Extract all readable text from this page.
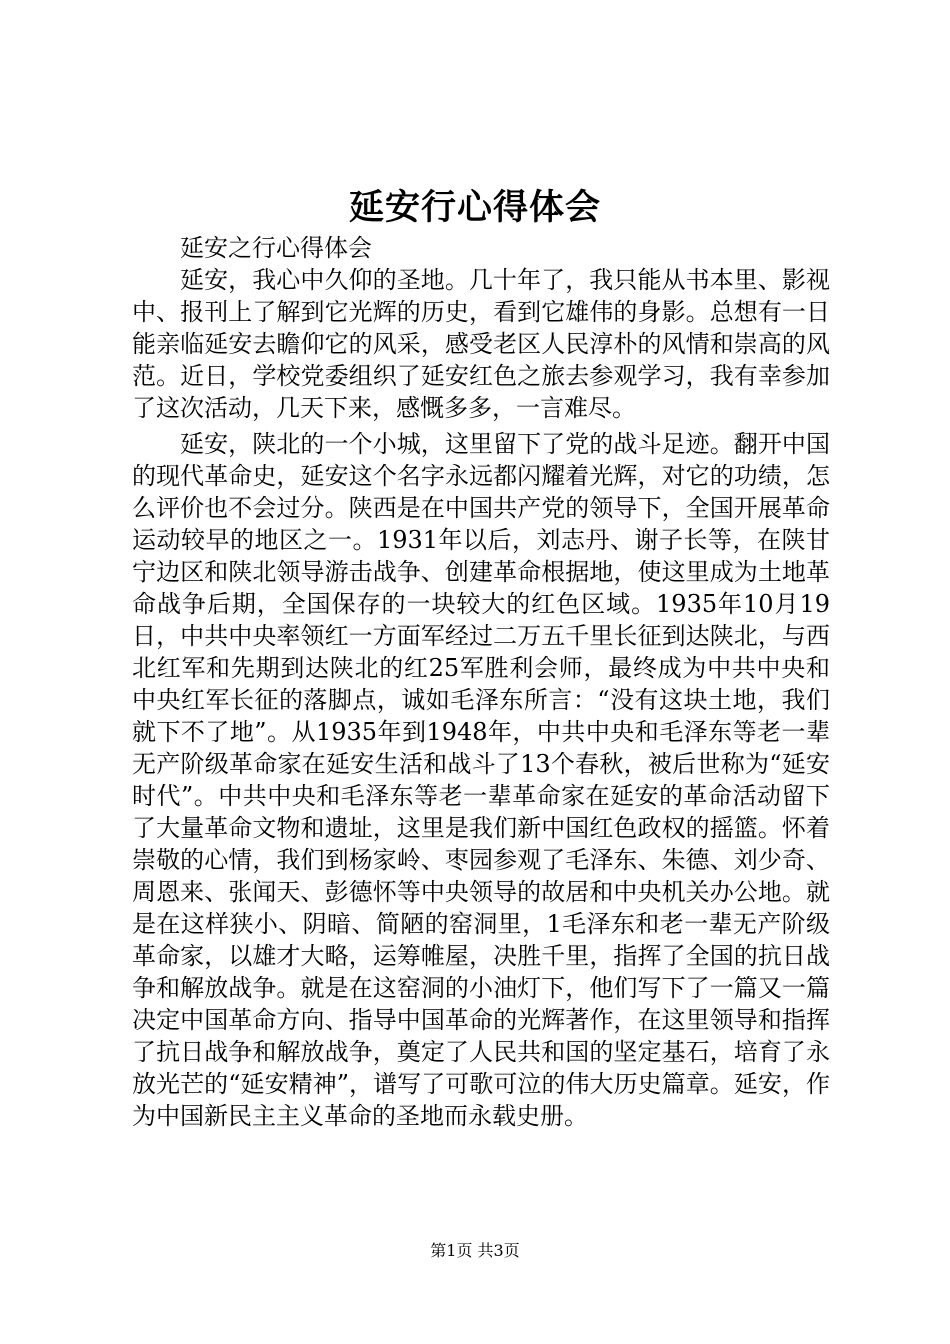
延安行心得体会

延安之行心得体会

延安，我心中久仰的圣地。几十年了，我只能从书本里、影视中、报刊上了解到它光辉的历史，看到它雄伟的身影。总想有一日能亲临延安去瞻仰它的风采，感受老区人民淳朴的风情和崇高的风范。近日，学校党委组织了延安红色之旅去参观学习，我有幸参加了这次活动，几天下来，感慨多多，一言难尽。

延安，陕北的一个小城，这里留下了党的战斗足迹。翻开中国的现代革命史，延安这个名字永远都闪耀着光辉，对它的功绩，怎么评价也不会过分。陕西是在中国共产党的领导下，全国开展革命运动较早的地区之一。1931年以后，刘志丹、谢子长等，在陕甘宁边区和陕北领导游击战争、创建革命根据地，使这里成为土地革命战争后期，全国保存的一块较大的红色区域。1935年10月19日，中共中央率领红一方面军经过二万五千里长征到达陕北，与西北红军和先期到达陕北的红25军胜利会师，最终成为中共中央和中央红军长征的落脚点，诚如毛泽东所言：“没有这块土地，我们就下不了地”。从1935年到1948年，中共中央和毛泽东等老一辈无产阶级革命家在延安生活和战斗了13个春秋，被后世称为“延安时代”。中共中央和毛泽东等老一辈革命家在延安的革命活动留下了大量革命文物和遗址，这里是我们新中国红色政权的摇篮。怀着崇敬的心情，我们到杨家岭、枣园参观了毛泽东、朱德、刘少奇、周恩来、张闻天、彭德怀等中央领导的故居和中央机关办公地。就是在这样狭小、阴暗、简陋的窑洞里，1毛泽东和老一辈无产阶级革命家，以雄才大略，运筹帷屋，决胜千里，指挥了全国的抗日战争和解放战争。就是在这窑洞的小油灯下，他们写下了一篇又一篇决定中国革命方向、指导中国革命的光辉著作，在这里领导和指挥了抗日战争和解放战争，奠定了人民共和国的坚定基石，培育了永放光芒的“延安精神”，谱写了可歌可泣的伟大历史篇章。延安，作为中国新民主主义革命的圣地而永载史册。

第1页 共3页
